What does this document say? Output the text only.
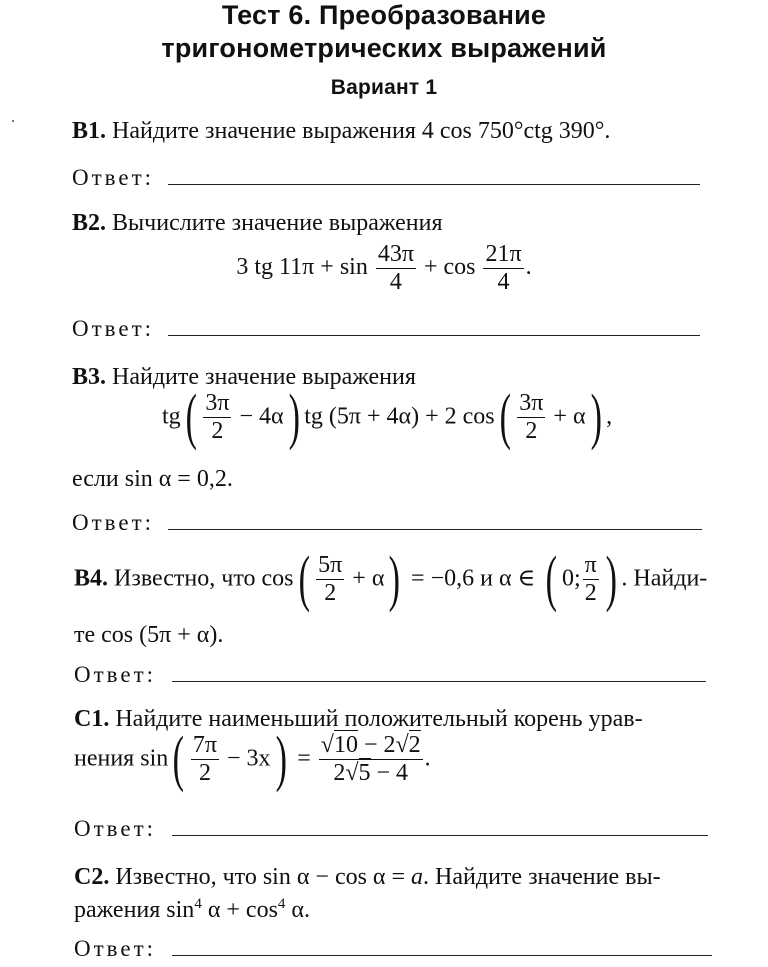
Тест 6. Преобразование
тригонометрических выражений
Вариант 1
B1. Найдите значение выражения 4 cos 750°ctg 390°.
Ответ:
B2. Вычислите значение выражения
3 tg $11\pi + \sin \frac{43\pi}{4} + \cos \frac{21\pi}{4}$ .
Ответ:
B3. Найдите значение выражения
$tg( \frac{3\pi}{2} - 4\alpha)$ tg (5π + 4α) + 2 $\cos( \frac{3\pi}{2} + \alpha)$ ,
если sin α = 0,2.
Ответ:
B4. Известно, что $\cos( \frac{5\pi}{2} + \alpha) = -0,6$ и α ∈ ( 0; $\frac{\pi}{2}$ ) . Найди-
те cos (5π + α).
Ответ:
C1. Найдите наименьший положительный корень урав-
нения $\sin( \frac{7\pi}{2} - 3x) = \frac{√10 - 2√2}{2√5 - 4}$ .
Ответ:
C2. Известно, что sin α − cos α = a. Найдите значение вы-
ражения $\sin^4 \alpha + \cos^4 \alpha$.
Ответ:
